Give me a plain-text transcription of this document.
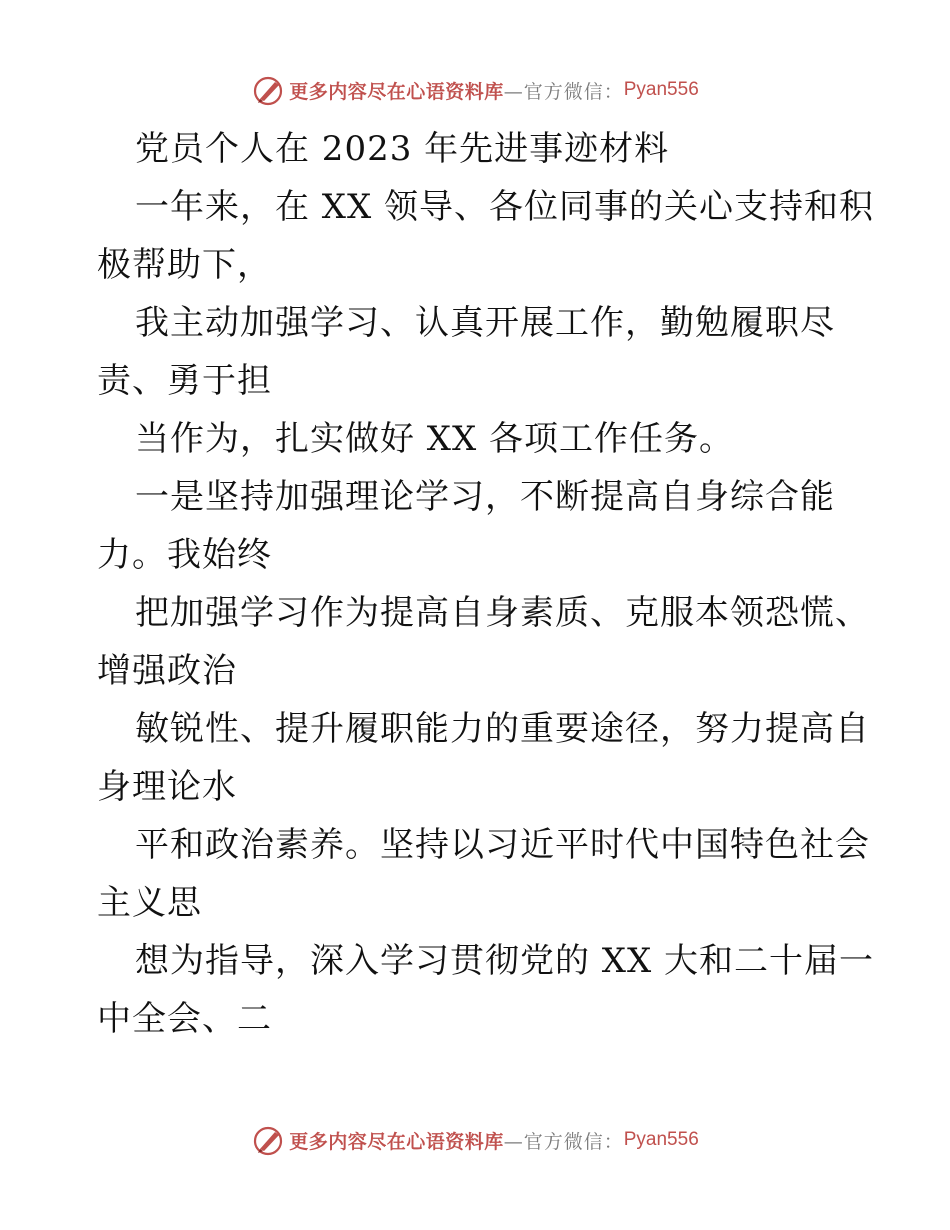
更多内容尽在心语资料库 —官方微信： Pyan556
党员个人在 2023 年先进事迹材料
一年来，在 XX 领导、各位同事的关心支持和积
极帮助下，
我主动加强学习、认真开展工作，勤勉履职尽
责、勇于担
当作为，扎实做好 XX 各项工作任务。
一是坚持加强理论学习，不断提高自身综合能
力。我始终
把加强学习作为提高自身素质、克服本领恐慌、
增强政治
敏锐性、提升履职能力的重要途径，努力提高自
身理论水
平和政治素养。坚持以习近平时代中国特色社会
主义思
想为指导，深入学习贯彻党的 XX 大和二十届一
中全会、二
更多内容尽在心语资料库 —官方微信： Pyan556
